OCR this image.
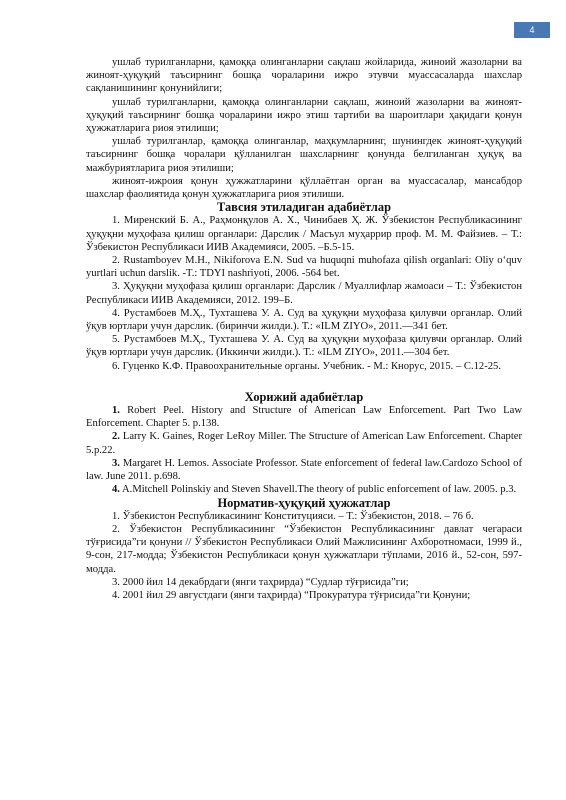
4

ушлаб турилганларни, қамоққа олинганларни сақлаш жойларида, жиноий жазоларни ва жиноят-ҳуқуқий таъсирнинг бошқа чораларини ижро этувчи муассасаларда шахслар сақланишининг қонунийлиги;

ушлаб турилганларни, қамоққа олинганларни сақлаш, жиноий жазоларни ва жиноят-ҳуқуқий таъсирнинг бошқа чораларини ижро этиш тартиби ва шароитлари ҳақидаги қонун ҳужжатларига риоя этилиши;

ушлаб турилганлар, қамоққа олинганлар, маҳкумларнинг, шунингдек жиноят-ҳуқуқий таъсирнинг бошқа чоралари қўлланилган шахсларнинг қонунда белгиланган ҳуқуқ ва мажбуриятларига риоя этилиши;

жиноят-ижроия қонун ҳужжатларини қўллаётган орган ва муассасалар, мансабдор шахслар фаолиятида қонун ҳужжатларига риоя этилиши.

Тавсия этиладиган адабиётлар

1. Миренский Б. А., Раҳмонқулов А. Х., Чинибаев Ҳ. Ж. Ўзбекистон Республикасининг ҳуқуқни муҳофаза қилиш органлари: Дарслик / Масъул муҳаррир проф. М. М. Файзиев. – Т.: Ўзбекистон Республикаси ИИВ Академияси, 2005. –Б.5-15.

2. Rustamboyev M.H., Nikiforova E.N. Sud va huquqni muhofaza qilish organlari: Oliy o‘quv yurtlari uchun darslik. -T.: TDYI nashriyoti, 2006. -564 bet.

3. Ҳуқуқни муҳофаза қилиш органлари: Дарслик / Муаллифлар жамоаси – Т.: Ўзбекистон Республикаси ИИВ Академияси, 2012. 199–Б.

4. Рустамбоев М.Ҳ., Тухташева У. А. Суд ва ҳуқуқни муҳофаза қилувчи органлар. Олий ўқув юртлари учун дарслик. (биринчи жилди.). Т.: «ILM ZIYO», 2011.—341 бет.

5. Рустамбоев М.Ҳ., Тухташева У. А. Суд ва ҳуқуқни муҳофаза қилувчи органлар. Олий ўқув юртлари учун дарслик. (Иккинчи жилди.). Т.: «ILM ZIYO», 2011.—304 бет.

6. Гуценко К.Ф. Правоохранительные органы. Учебник. - М.: Кнорус, 2015. – С.12-25.

Хорижий адабиётлар

1. Robert Peel. History and Structure of American Law Enforcement. Part Two Law Enforcement. Chapter 5. p.138.

2. Larry K. Gaines, Roger LeRoy Miller. The Structure of American Law Enforcement. Chapter 5.p.22.

3. Margaret H. Lemos. Associate Professor. State enforcement of federal law.Cardozo School of law. June 2011. p.698.

4. A.Mitchell Polinskiy and Steven Shavell.The theory of public enforcement of law. 2005. p.3.

Норматив-ҳуқуқий ҳужжатлар

1. Ўзбекистон Республикасининг Конституцияси. – Т.: Ўзбекистон, 2018. – 76 б.

2. Ўзбекистон Республикасининг “Ўзбекистон Республикасининг давлат чегараси тўғрисида”ги қонуни // Ўзбекистон Республикаси Олий Мажлисининг Ахборотномаси, 1999 й., 9-сон, 217-модда; Ўзбекистон Республикаси қонун ҳужжатлари тўплами, 2016 й., 52-сон, 597-модда.

3. 2000 йил 14 декабрдаги (янги таҳрирда) “Судлар тўғрисида”ги;

4. 2001 йил 29 августдаги (янги таҳрирда) “Прокуратура тўғрисида”ги Қонуни;
